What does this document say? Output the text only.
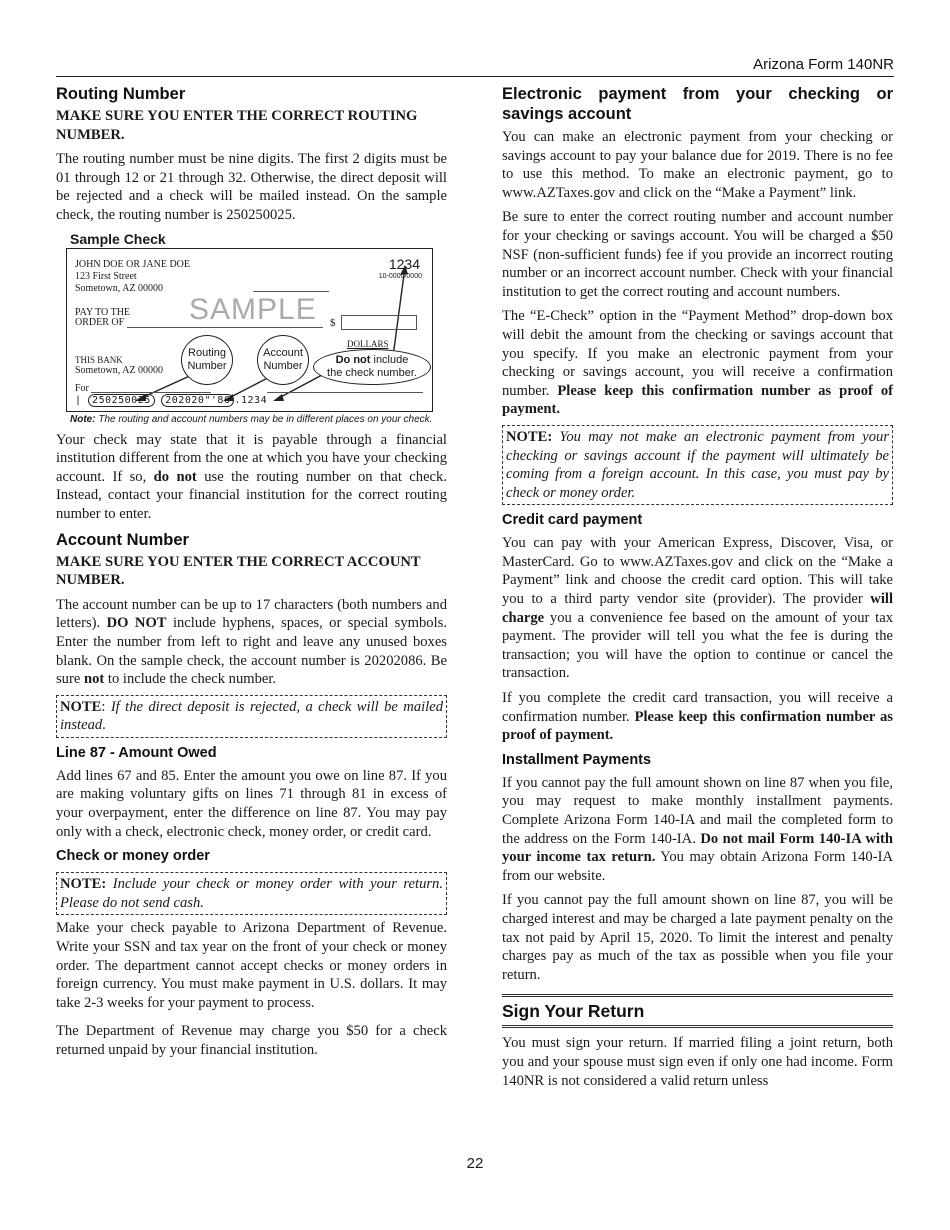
Arizona Form 140NR
Routing Number

MAKE SURE YOU ENTER THE CORRECT ROUTING NUMBER.

The routing number must be nine digits. The first 2 digits must be 01 through 12 or 21 through 32. Otherwise, the direct deposit will be rejected and a check will be mailed instead. On the sample check, the routing number is 250250025.

Sample Check
JOHN DOE OR JANE DOE
123 First Street
Sometown, AZ 00000
1234
10-0000/0000
PAY TO THE
ORDER OF SAMPLE $
DOLLARS
THIS BANK
Sometown, AZ 00000
For
Routing
Number
Account
Number	Do not include
the check number.
| 250250025 202020"'86 .1234
Note: The routing and account numbers may be in different places on your check.

Your check may state that it is payable through a financial institution different from the one at which you have your checking account. If so, do not use the routing number on that check. Instead, contact your financial institution for the correct routing number to enter.

Account Number

MAKE SURE YOU ENTER THE CORRECT ACCOUNT NUMBER.

The account number can be up to 17 characters (both numbers and letters). DO NOT include hyphens, spaces, or special symbols. Enter the number from left to right and leave any unused boxes blank. On the sample check, the account number is 20202086. Be sure not to include the check number.

NOTE: If the direct deposit is rejected, a check will be mailed instead.
Line 87 - Amount Owed

Add lines 67 and 85. Enter the amount you owe on line 87. If you are making voluntary gifts on lines 71 through 81 in excess of your overpayment, enter the difference on line 87. You may pay only with a check, electronic check, money order, or credit card.

Check or money order
NOTE: Include your check or money order with your return. Please do not send cash.

Make your check payable to Arizona Department of Revenue. Write your SSN and tax year on the front of your check or money order. The department cannot accept checks or money orders in foreign currency. You must make payment in U.S. dollars. It may take 2-3 weeks for your payment to process.

The Department of Revenue may charge you $50 for a check returned unpaid by your financial institution.

Electronic payment from your checking or savings account

You can make an electronic payment from your checking or savings account to pay your balance due for 2019. There is no fee to use this method. To make an electronic payment, go to www.AZTaxes.gov and click on the “Make a Payment” link.

Be sure to enter the correct routing number and account number for your checking or savings account. You will be charged a $50 NSF (non-sufficient funds) fee if you provide an incorrect routing number or an incorrect account number. Check with your financial institution to get the correct routing and account numbers.

The “E-Check” option in the “Payment Method” drop-down box will debit the amount from the checking or savings account that you specify. If you make an electronic payment from your checking or savings account, you will receive a confirmation number. Please keep this confirmation number as proof of payment.

NOTE: You may not make an electronic payment from your checking or savings account if the payment will ultimately be coming from a foreign account. In this case, you must pay by check or money order.
Credit card payment

You can pay with your American Express, Discover, Visa, or MasterCard. Go to www.AZTaxes.gov and click on the “Make a Payment” link and choose the credit card option. This will take you to a third party vendor site (provider). The provider will charge you a convenience fee based on the amount of your tax payment. The provider will tell you what the fee is during the transaction; you will have the option to continue or cancel the transaction.

If you complete the credit card transaction, you will receive a confirmation number. Please keep this confirmation number as proof of payment.

Installment Payments

If you cannot pay the full amount shown on line 87 when you file, you may request to make monthly installment payments. Complete Arizona Form 140-IA and mail the completed form to the address on the Form 140-IA. Do not mail Form 140-IA with your income tax return. You may obtain Arizona Form 140-IA from our website.

If you cannot pay the full amount shown on line 87, you will be charged interest and may be charged a late payment penalty on the tax not paid by April 15, 2020. To limit the interest and penalty charges pay as much of the tax as possible when you file your return.

Sign Your Return

You must sign your return. If married filing a joint return, both you and your spouse must sign even if only one had income. Form 140NR is not considered a valid return unless

22
